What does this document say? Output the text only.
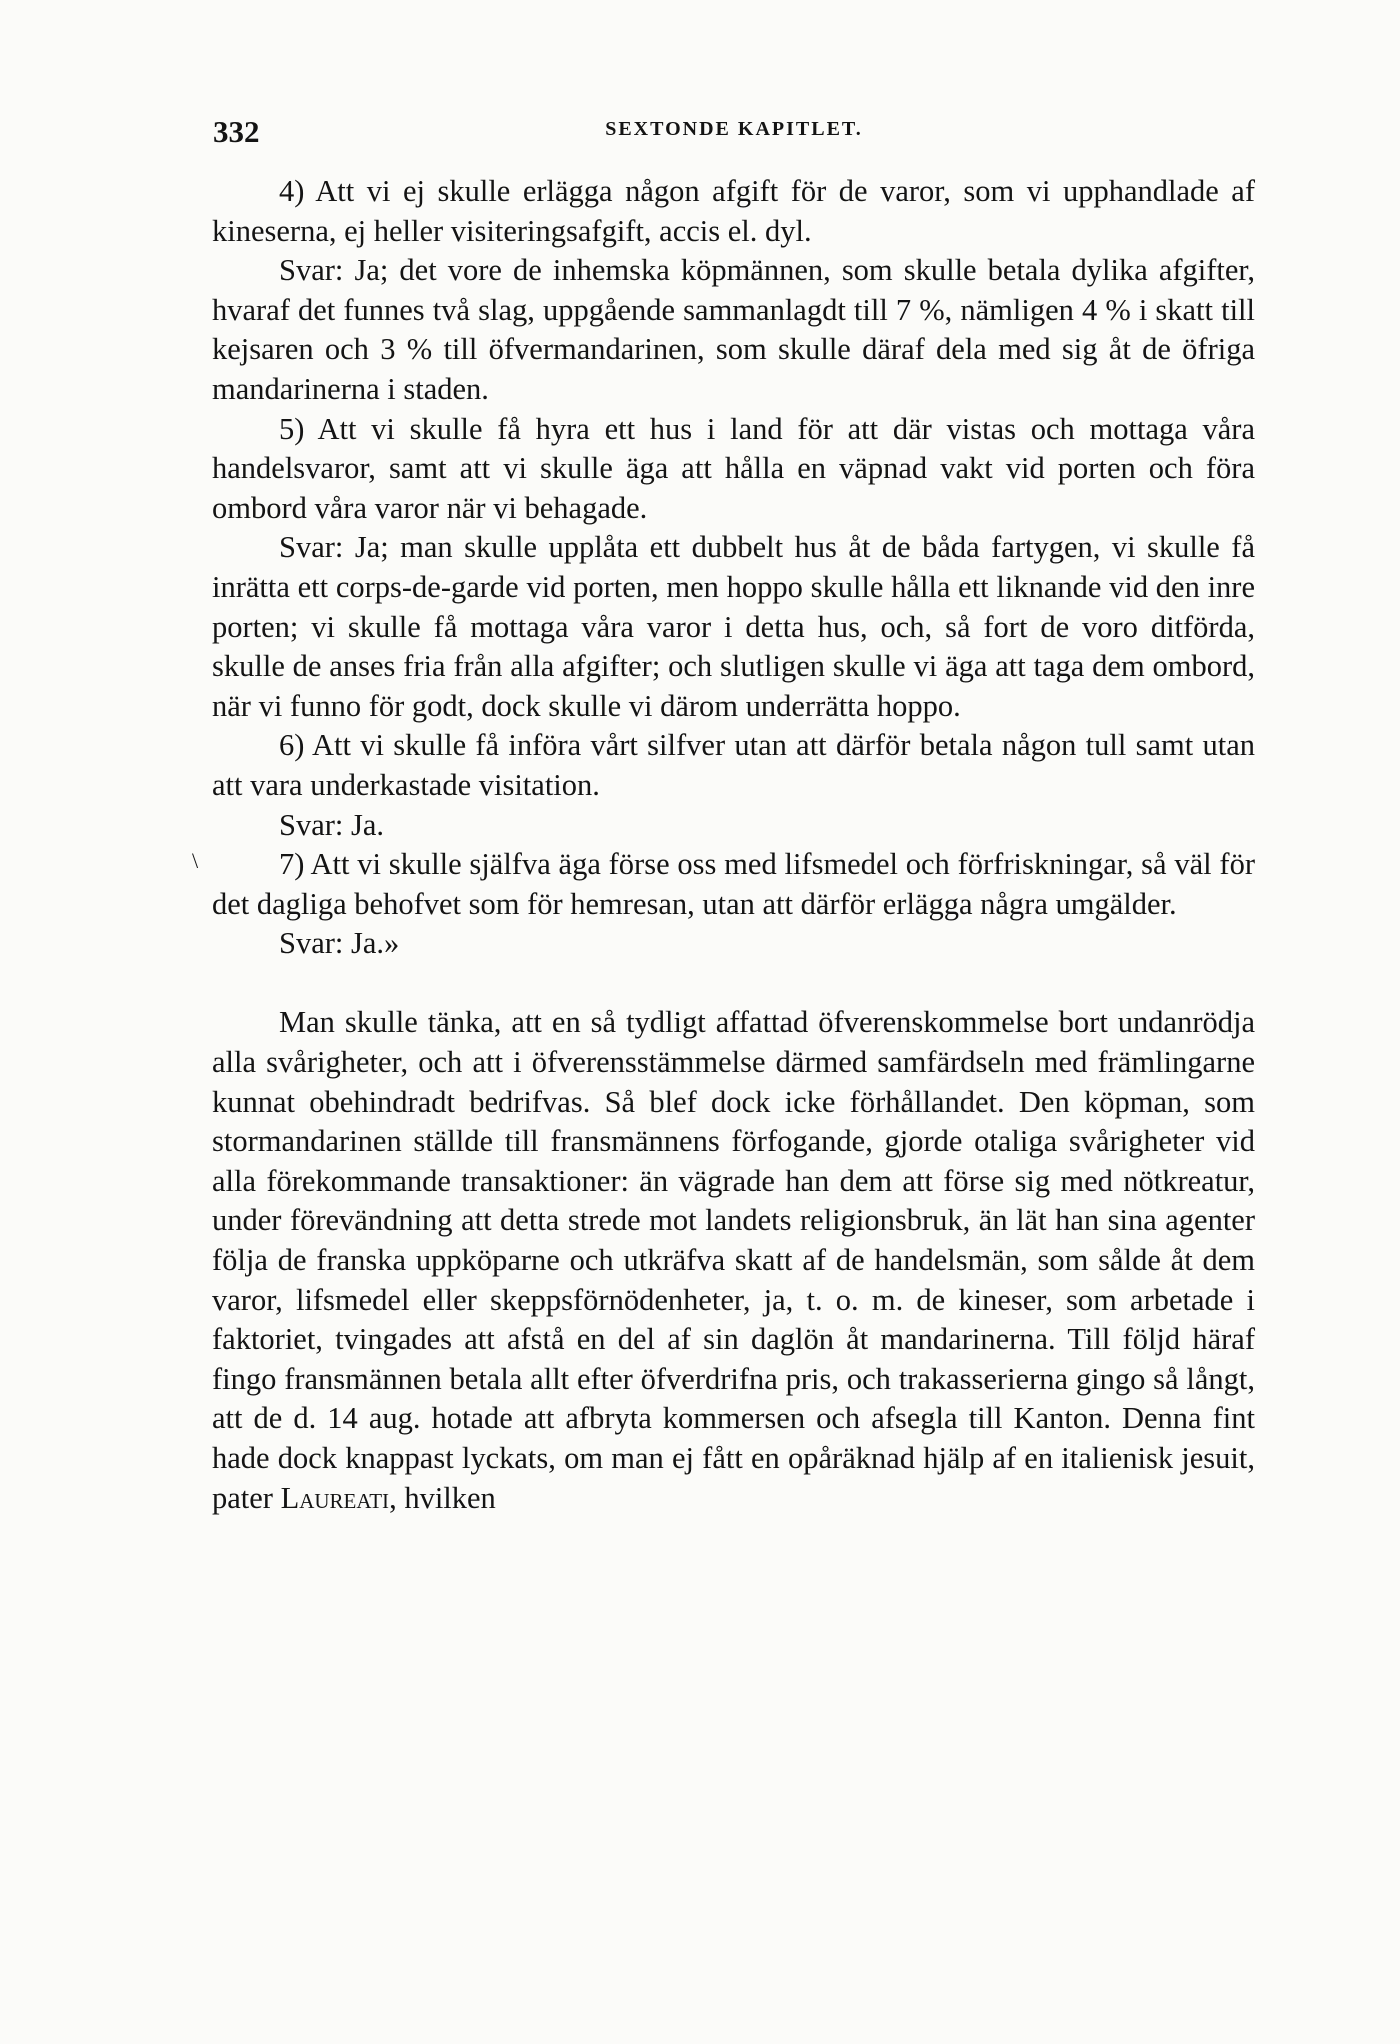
332	SEXTONDE KAPITLET.
\

4) Att vi ej skulle erlägga någon afgift för de varor, som vi upphandlade af kineserna, ej heller visiteringsafgift, accis el. dyl.

Svar: Ja; det vore de inhemska köpmännen, som skulle betala dylika afgifter, hvaraf det funnes två slag, uppgående sammanlagdt till 7 %, nämligen 4 % i skatt till kejsaren och 3 % till öfvermandarinen, som skulle däraf dela med sig åt de öfriga mandarinerna i staden.

5) Att vi skulle få hyra ett hus i land för att där vistas och mottaga våra handelsvaror, samt att vi skulle äga att hålla en väpnad vakt vid porten och föra ombord våra varor när vi behagade.

Svar: Ja; man skulle upplåta ett dubbelt hus åt de båda fartygen, vi skulle få inrätta ett corps-de-garde vid porten, men hoppo skulle hålla ett liknande vid den inre porten; vi skulle få mottaga våra varor i detta hus, och, så fort de voro ditförda, skulle de anses fria från alla afgifter; och slutligen skulle vi äga att taga dem ombord, när vi funno för godt, dock skulle vi därom underrätta hoppo.

6) Att vi skulle få införa vårt silfver utan att därför betala någon tull samt utan att vara underkastade visitation.

Svar: Ja.

7) Att vi skulle själfva äga förse oss med lifsmedel och förfriskningar, så väl för det dagliga behofvet som för hemresan, utan att därför erlägga några umgälder.

Svar: Ja.»

Man skulle tänka, att en så tydligt affattad öfverenskommelse bort undanrödja alla svårigheter, och att i öfverensstämmelse därmed samfärdseln med främlingarne kunnat obehindradt bedrifvas. Så blef dock icke förhållandet. Den köpman, som stormandarinen ställde till fransmännens förfogande, gjorde otaliga svårigheter vid alla förekommande transaktioner: än vägrade han dem att förse sig med nötkreatur, under förevändning att detta strede mot landets religionsbruk, än lät han sina agenter följa de franska uppköparne och utkräfva skatt af de handelsmän, som sålde åt dem varor, lifsmedel eller skeppsförnödenheter, ja, t. o. m. de kineser, som arbetade i faktoriet, tvingades att afstå en del af sin daglön åt mandarinerna. Till följd häraf fingo fransmännen betala allt efter öfverdrifna pris, och trakasserierna gingo så långt, att de d. 14 aug. hotade att afbryta kommersen och afsegla till Kanton. Denna fint hade dock knappast lyckats, om man ej fått en opåräknad hjälp af en italienisk jesuit, pater Laureati, hvilken
